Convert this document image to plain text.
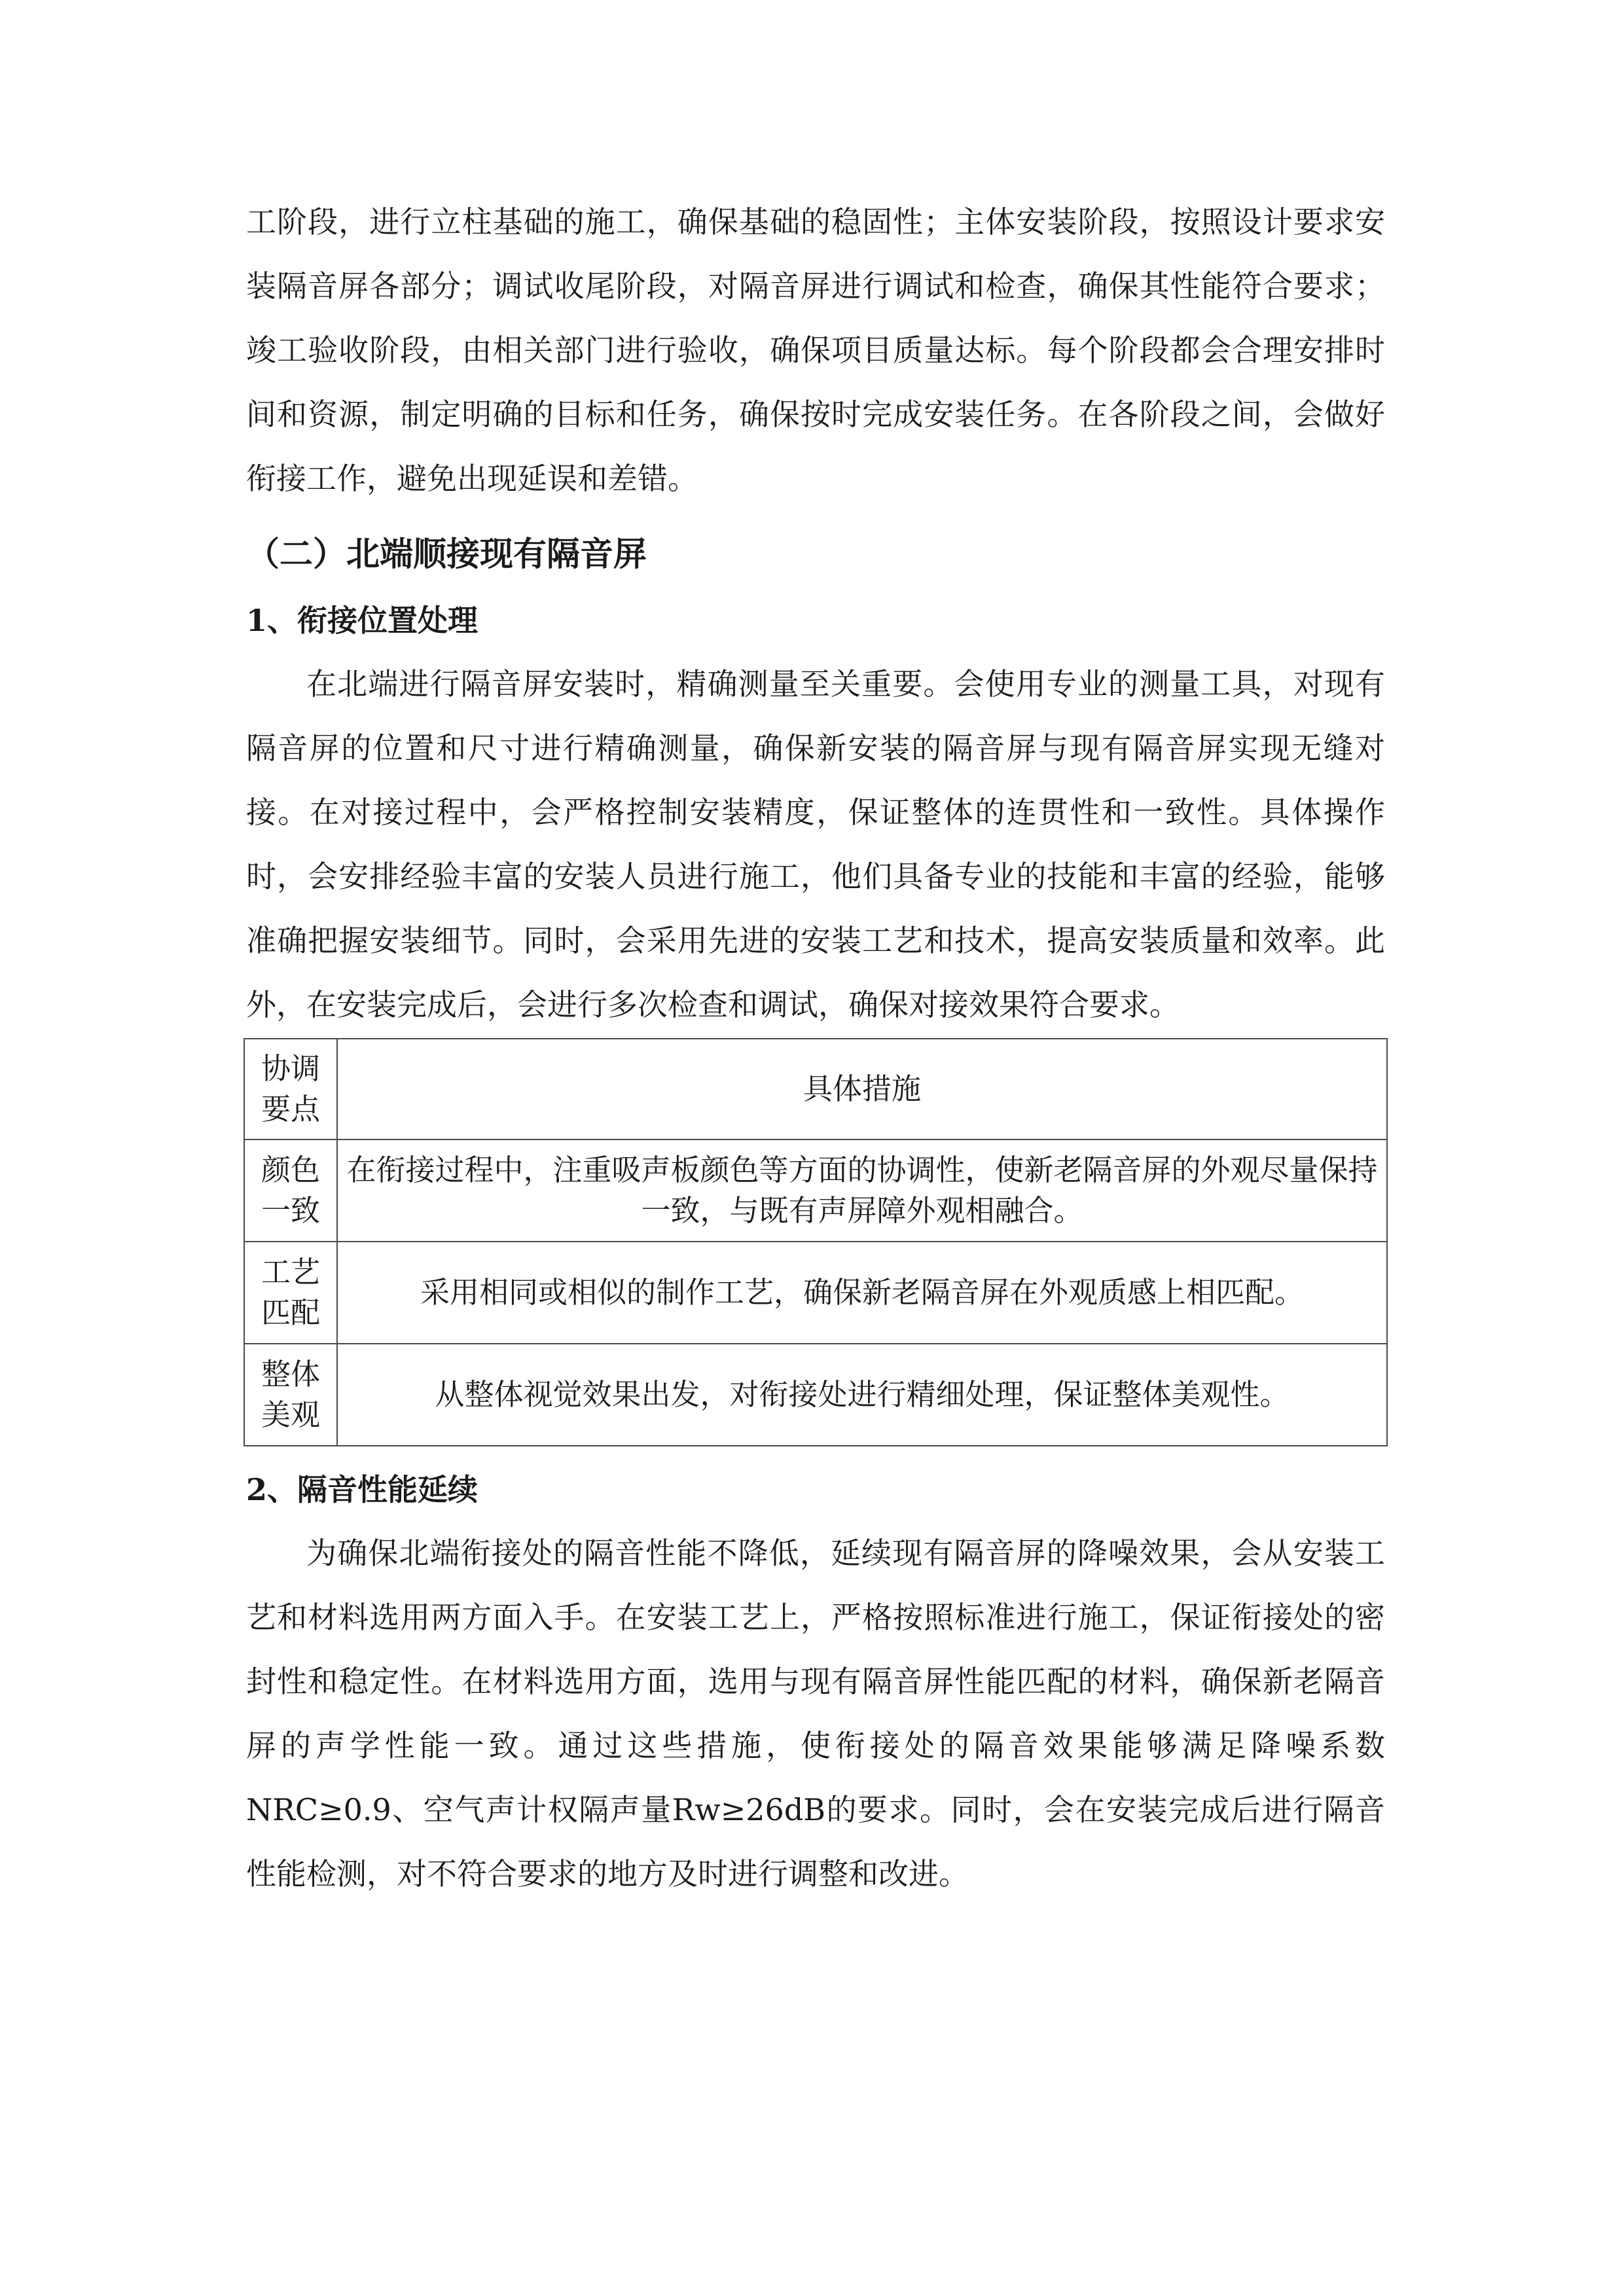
工阶段，进行立柱基础的施工，确保基础的稳固性；主体安装阶段，按照设计要求安装隔音屏各部分；调试收尾阶段，对隔音屏进行调试和检查，确保其性能符合要求；竣工验收阶段，由相关部门进行验收，确保项目质量达标。每个阶段都会合理安排时间和资源，制定明确的目标和任务，确保按时完成安装任务。在各阶段之间，会做好衔接工作，避免出现延误和差错。

（二）北端顺接现有隔音屏
1、衔接位置处理

在北端进行隔音屏安装时，精确测量至关重要。会使用专业的测量工具，对现有隔音屏的位置和尺寸进行精确测量，确保新安装的隔音屏与现有隔音屏实现无缝对接。在对接过程中，会严格控制安装精度，保证整体的连贯性和一致性。具体操作时，会安排经验丰富的安装人员进行施工，他们具备专业的技能和丰富的经验，能够准确把握安装细节。同时，会采用先进的安装工艺和技术，提高安装质量和效率。此外，在安装完成后，会进行多次检查和调试，确保对接效果符合要求。

协调要点	具体措施
颜色一致	在衔接过程中，注重吸声板颜色等方面的协调性，使新老隔音屏的外观尽量保持一致，与既有声屏障外观相融合。
工艺匹配	采用相同或相似的制作工艺，确保新老隔音屏在外观质感上相匹配。
整体美观	从整体视觉效果出发，对衔接处进行精细处理，保证整体美观性。
2、隔音性能延续

为确保北端衔接处的隔音性能不降低，延续现有隔音屏的降噪效果，会从安装工艺和材料选用两方面入手。在安装工艺上，严格按照标准进行施工，保证衔接处的密封性和稳定性。在材料选用方面，选用与现有隔音屏性能匹配的材料，确保新老隔音屏的声学性能一致。通过这些措施，使衔接处的隔音效果能够满足降噪系数NRC≥0.9、空气声计权隔声量Rw≥26dB的要求。同时，会在安装完成后进行隔音性能检测，对不符合要求的地方及时进行调整和改进。
